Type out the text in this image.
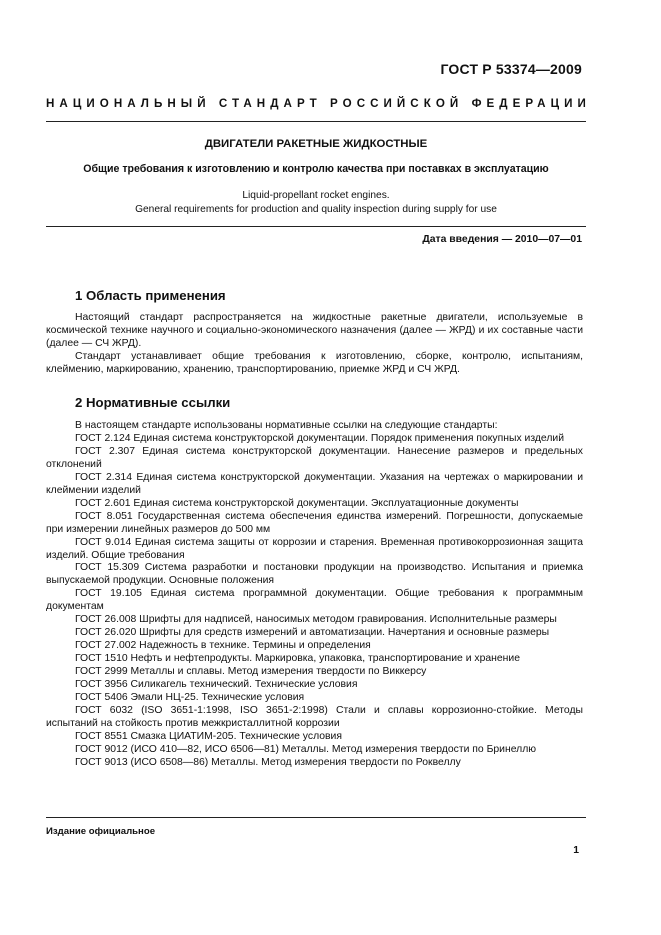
ГОСТ Р 53374—2009
НАЦИОНАЛЬНЫЙ СТАНДАРТ РОССИЙСКОЙ ФЕДЕРАЦИИ
ДВИГАТЕЛИ РАКЕТНЫЕ ЖИДКОСТНЫЕ
Общие требования к изготовлению и контролю качества при поставках в эксплуатацию
Liquid-propellant rocket engines.
General requirements for production and quality inspection during supply for use
Дата введения — 2010—07—01
1 Область применения

Настоящий стандарт распространяется на жидкостные ракетные двигатели, используемые в космической технике научного и социально-экономического назначения (далее — ЖРД) и их составные части (далее — СЧ ЖРД).

Стандарт устанавливает общие требования к изготовлению, сборке, контролю, испытаниям, клеймению, маркированию, хранению, транспортированию, приемке ЖРД и СЧ ЖРД.

2 Нормативные ссылки

В настоящем стандарте использованы нормативные ссылки на следующие стандарты:

ГОСТ 2.124 Единая система конструкторской документации. Порядок применения покупных изделий

ГОСТ 2.307 Единая система конструкторской документации. Нанесение размеров и предельных отклонений

ГОСТ 2.314 Единая система конструкторской документации. Указания на чертежах о маркировании и клеймении изделий

ГОСТ 2.601 Единая система конструкторской документации. Эксплуатационные документы

ГОСТ 8.051 Государственная система обеспечения единства измерений. Погрешности, допускаемые при измерении линейных размеров до 500 мм

ГОСТ 9.014 Единая система защиты от коррозии и старения. Временная противокоррозионная защита изделий. Общие требования

ГОСТ 15.309 Система разработки и постановки продукции на производство. Испытания и приемка выпускаемой продукции. Основные положения

ГОСТ 19.105 Единая система программной документации. Общие требования к программным документам

ГОСТ 26.008 Шрифты для надписей, наносимых методом гравирования. Исполнительные размеры

ГОСТ 26.020 Шрифты для средств измерений и автоматизации. Начертания и основные размеры

ГОСТ 27.002 Надежность в технике. Термины и определения

ГОСТ 1510 Нефть и нефтепродукты. Маркировка, упаковка, транспортирование и хранение

ГОСТ 2999 Металлы и сплавы. Метод измерения твердости по Виккерсу

ГОСТ 3956 Силикагель технический. Технические условия

ГОСТ 5406 Эмали НЦ-25. Технические условия

ГОСТ 6032 (ISO 3651-1:1998, ISO 3651-2:1998) Стали и сплавы коррозионно-стойкие. Методы испытаний на стойкость против межкристаллитной коррозии

ГОСТ 8551 Смазка ЦИАТИМ-205. Технические условия

ГОСТ 9012 (ИСО 410—82, ИСО 6506—81) Металлы. Метод измерения твердости по Бринеллю

ГОСТ 9013 (ИСО 6508—86) Металлы. Метод измерения твердости по Роквеллу

Издание официальное
1
